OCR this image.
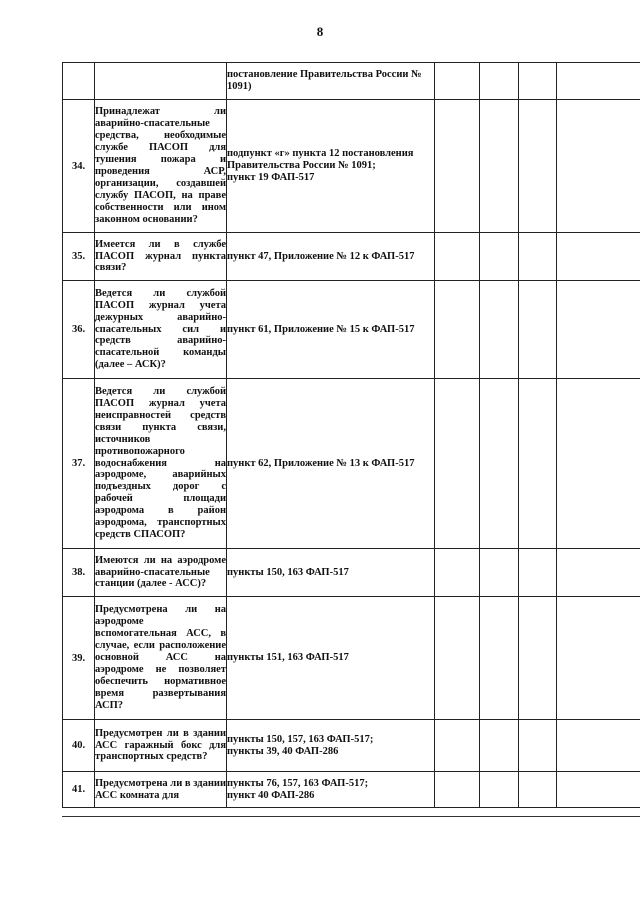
8

		постановление Правительства России №
1091)				

34.	Принадлежат ли аварийно-спасательные средства, необходимые службе ПАСОП для тушения пожара и проведения АСР, организации, создавшей службу ПАСОП, на праве собственности или ином законном основании?	подпункт «г» пункта 12 постановления
Правительства России № 1091;
пункт 19 ФАП-517				

35.	Имеется ли в службе ПАСОП журнал пункта связи?	пункт 47, Приложение № 12 к ФАП-517				

36.	Ведется ли службой ПАСОП журнал учета дежурных аварийно-спасательных сил и средств аварийно-спасательной команды (далее – АСК)?	пункт 61, Приложение № 15 к ФАП-517				

37.	Ведется ли службой ПАСОП журнал учета неисправностей средств связи пункта связи, источников противопожарного водоснабжения на аэродроме, аварийных подъездных дорог с рабочей площади аэродрома в район аэродрома, транспортных средств СПАСОП?	пункт 62, Приложение № 13 к ФАП-517				

38.	Имеются ли на аэродроме аварийно-спасательные станции (далее - АСС)?	пункты 150, 163 ФАП-517				

39.	Предусмотрена ли на аэродроме вспомогательная АСС, в случае, если расположение основной АСС на аэродроме не позволяет обеспечить нормативное время развертывания АСП?	пункты 151, 163 ФАП-517				

40.	Предусмотрен ли в здании АСС гаражный бокс для транспортных средств?	пункты 150, 157, 163 ФАП-517;
пункты 39, 40 ФАП-286				

41.	Предусмотрена ли в здании АСС комната для	пункты 76, 157, 163 ФАП-517;
пункт 40 ФАП-286				
